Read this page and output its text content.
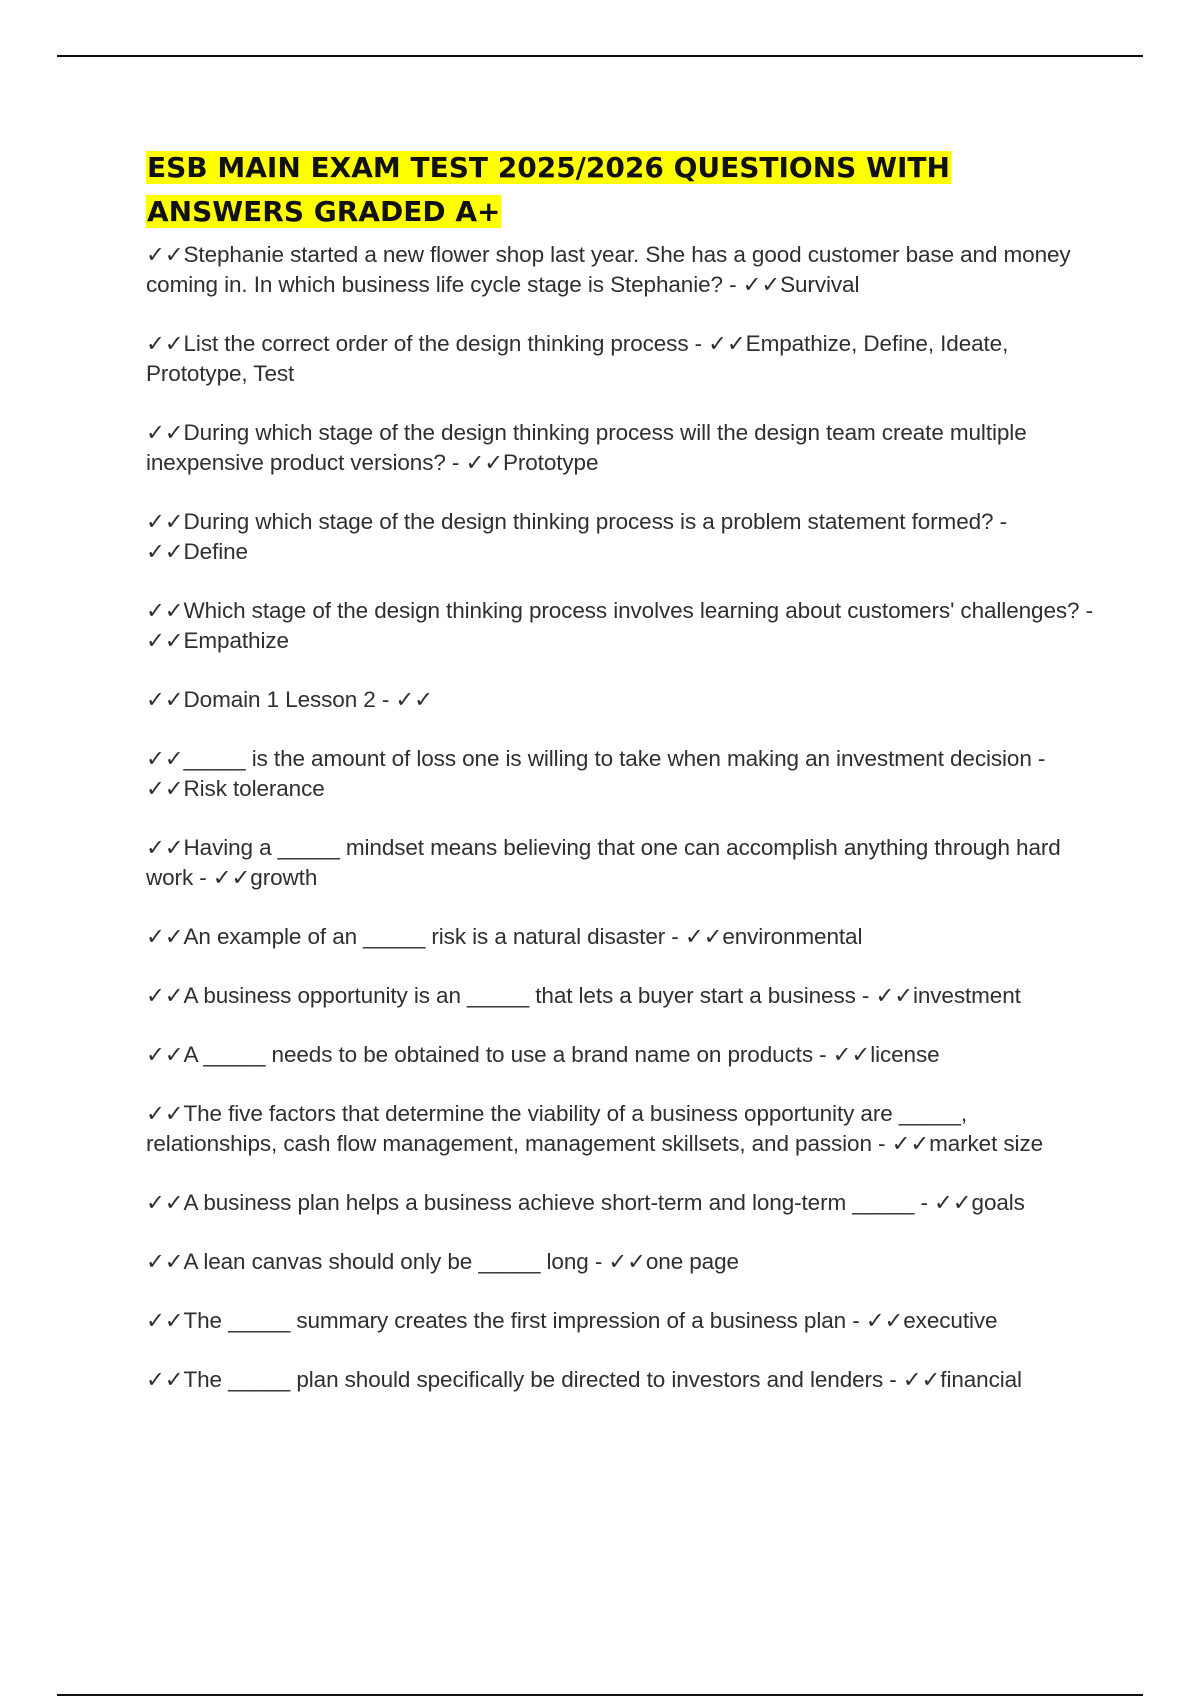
ESB MAIN EXAM TEST 2025/2026 QUESTIONS WITH ANSWERS GRADED A+
✓✓Stephanie started a new flower shop last year. She has a good customer base and money coming in. In which business life cycle stage is Stephanie? - ✓✓Survival
✓✓List the correct order of the design thinking process - ✓✓Empathize, Define, Ideate, Prototype, Test
✓✓During which stage of the design thinking process will the design team create multiple inexpensive product versions? - ✓✓Prototype
✓✓During which stage of the design thinking process is a problem statement formed? - ✓✓Define
✓✓Which stage of the design thinking process involves learning about customers' challenges? - ✓✓Empathize
✓✓Domain 1 Lesson 2 - ✓✓
✓✓_____ is the amount of loss one is willing to take when making an investment decision - ✓✓Risk tolerance
✓✓Having a _____ mindset means believing that one can accomplish anything through hard work - ✓✓growth
✓✓An example of an _____ risk is a natural disaster - ✓✓environmental
✓✓A business opportunity is an _____ that lets a buyer start a business - ✓✓investment
✓✓A _____ needs to be obtained to use a brand name on products - ✓✓license
✓✓The five factors that determine the viability of a business opportunity are _____, relationships, cash flow management, management skillsets, and passion - ✓✓market size
✓✓A business plan helps a business achieve short-term and long-term _____ - ✓✓goals
✓✓A lean canvas should only be _____ long - ✓✓one page
✓✓The _____ summary creates the first impression of a business plan - ✓✓executive
✓✓The _____ plan should specifically be directed to investors and lenders - ✓✓financial
